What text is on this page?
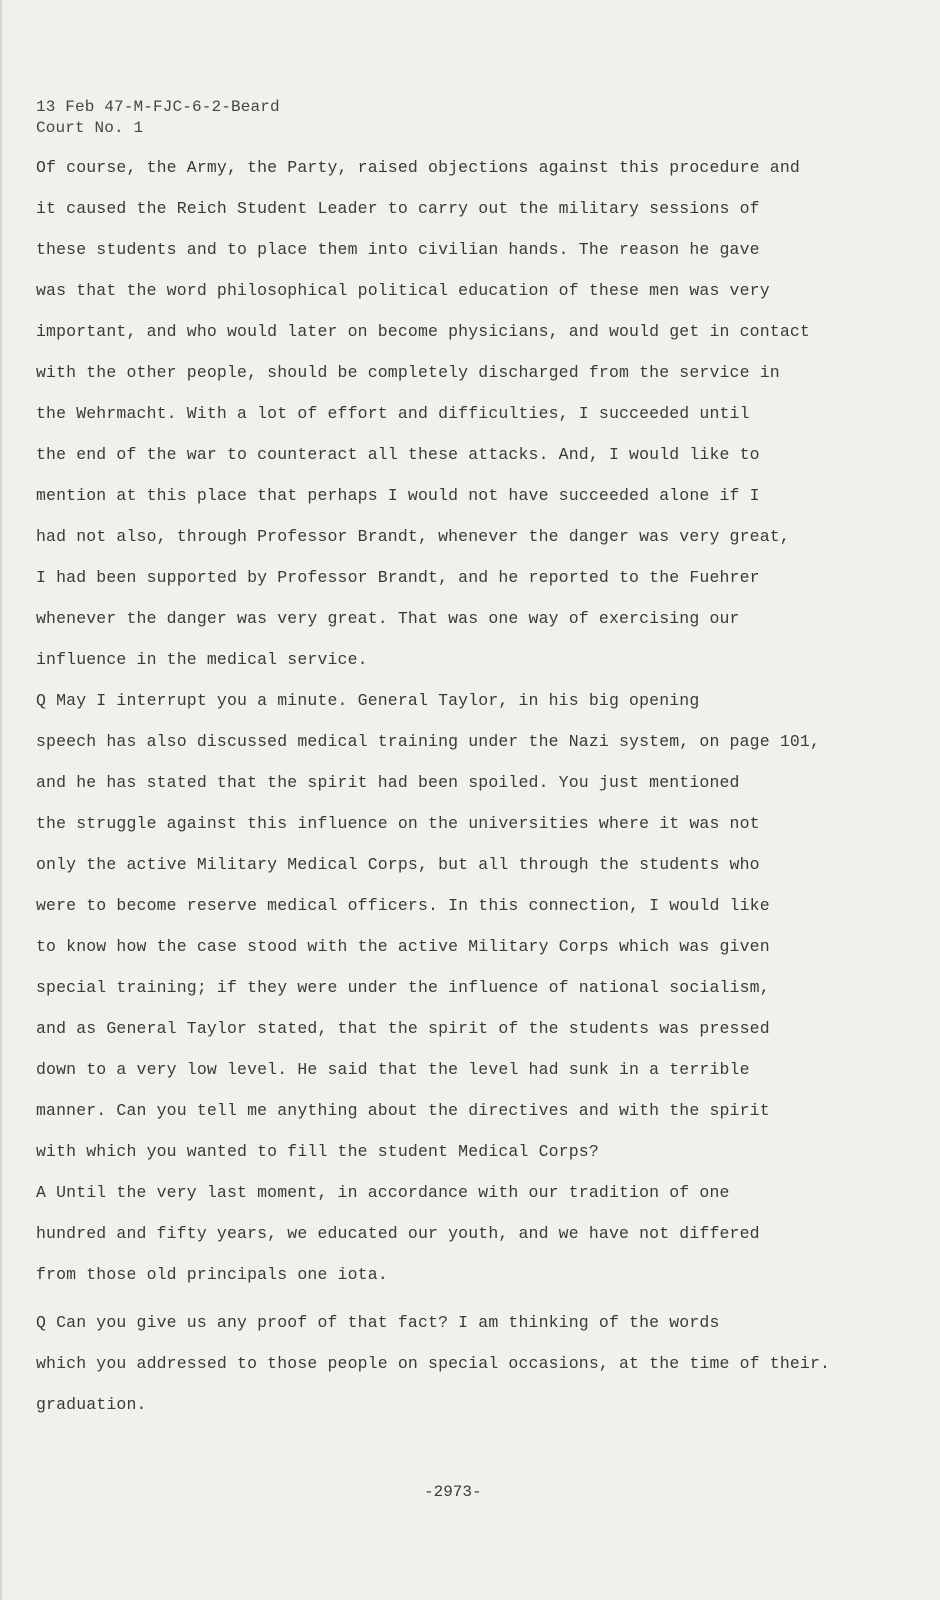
13 Feb 47-M-FJC-6-2-Beard
Court No. 1
Of course, the Army, the Party, raised objections against this procedure and
it caused the Reich Student Leader to carry out the military sessions of
these students and to place them into civilian hands. The reason he gave
was that the word philosophical political education of these men was very
important, and who would later on become physicians, and would get in contact
with the other people, should be completely discharged from the service in
the Wehrmacht. With a lot of effort and difficulties, I succeeded until
the end of the war to counteract all these attacks. And, I would like to
mention at this place that perhaps I would not have succeeded alone if I
had not also, through Professor Brandt, whenever the danger was very great,
I had been supported by Professor Brandt, and he reported to the Fuehrer
whenever the danger was very great. That was one way of exercising our
influence in the medical service.
Q May I interrupt you a minute. General Taylor, in his big opening
speech has also discussed medical training under the Nazi system, on page 101,
and he has stated that the spirit had been spoiled. You just mentioned
the struggle against this influence on the universities where it was not
only the active Military Medical Corps, but all through the students who
were to become reserve medical officers. In this connection, I would like
to know how the case stood with the active Military Corps which was given
special training; if they were under the influence of national socialism,
and as General Taylor stated, that the spirit of the students was pressed
down to a very low level. He said that the level had sunk in a terrible
manner. Can you tell me anything about the directives and with the spirit
with which you wanted to fill the student Medical Corps?
A Until the very last moment, in accordance with our tradition of one
hundred and fifty years, we educated our youth, and we have not differed
from those old principals one iota.
Q Can you give us any proof of that fact? I am thinking of the words
which you addressed to those people on special occasions, at the time of their.
graduation.
-2973-
